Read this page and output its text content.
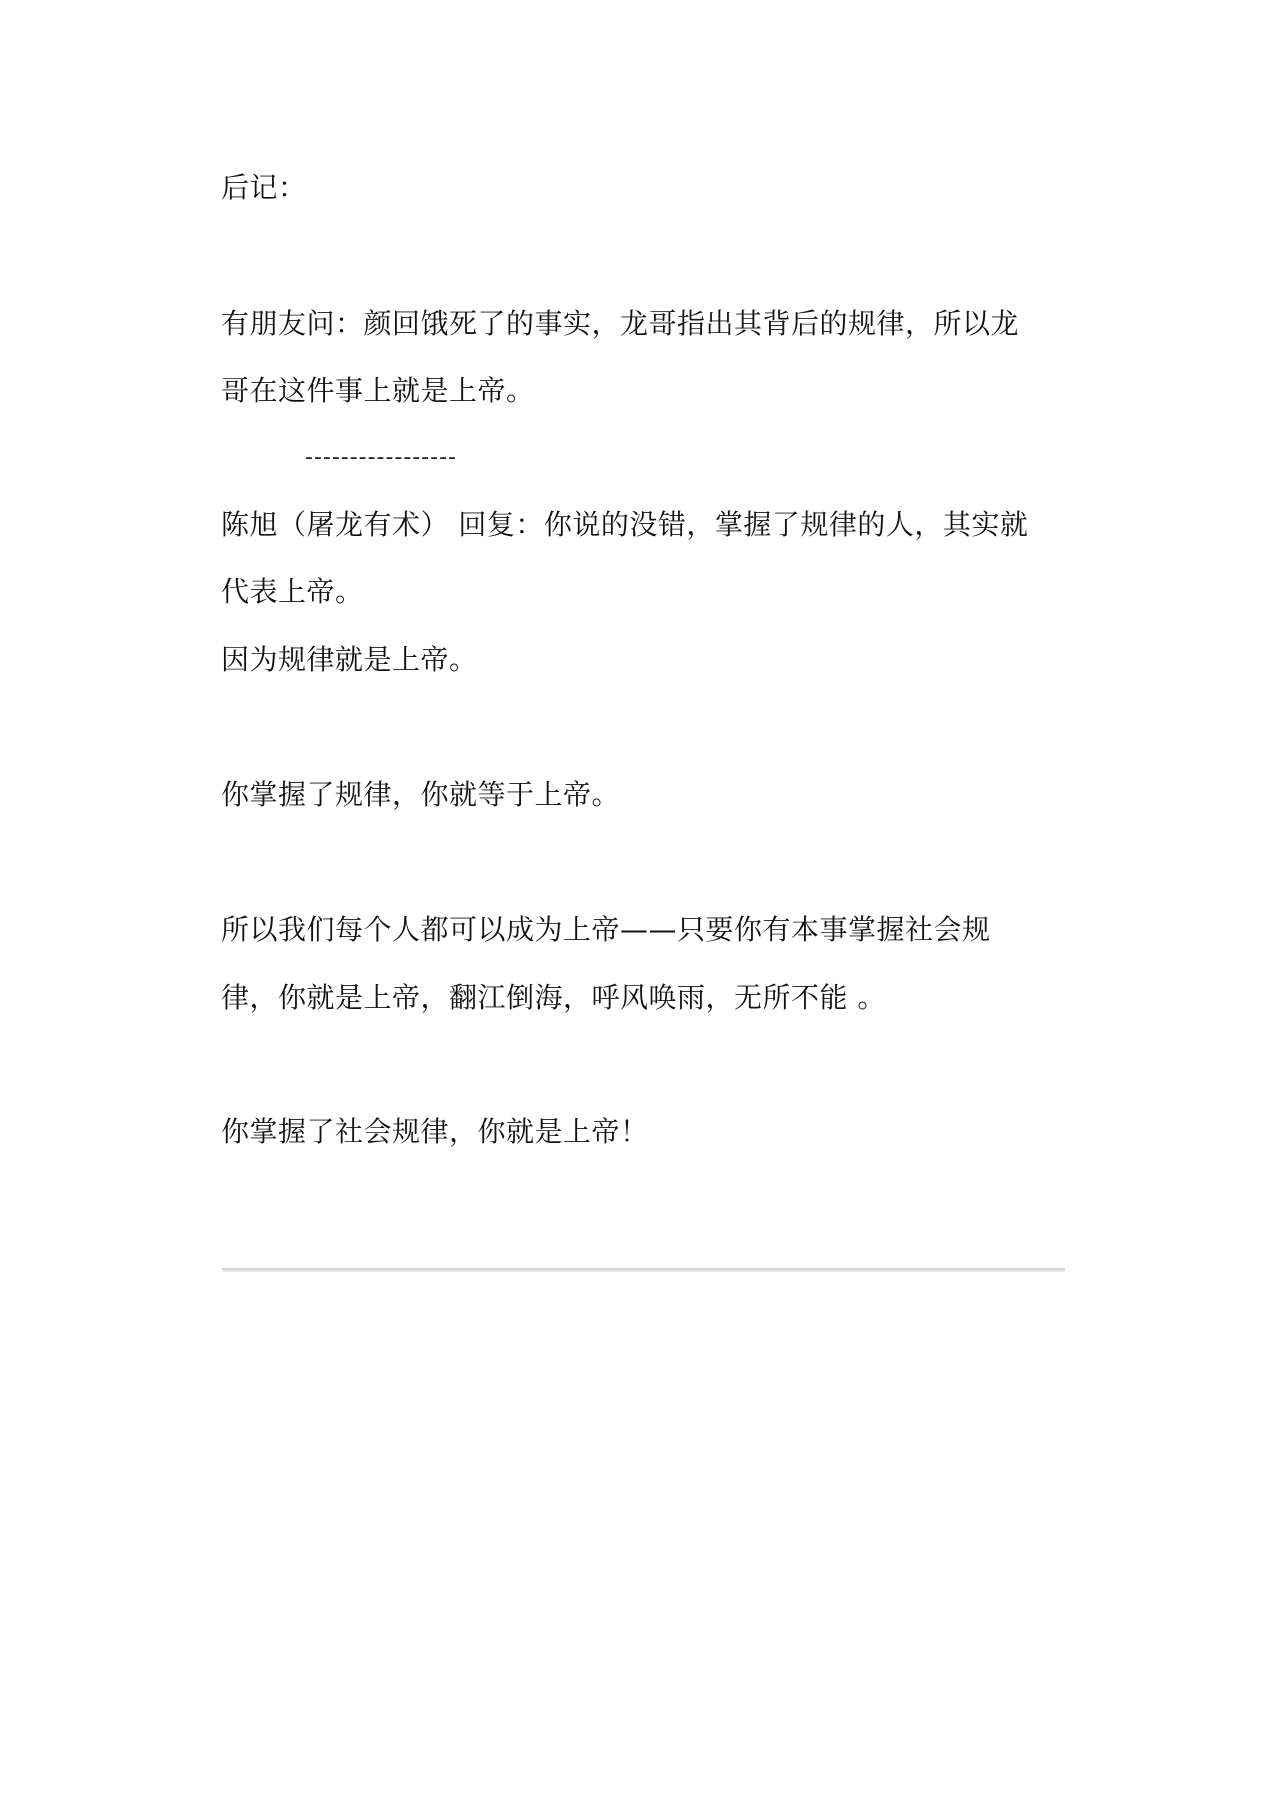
后记：
有朋友问：颜回饿死了的事实，龙哥指出其背后的规律，所以龙
哥在这件事上就是上帝。
-----------------
陈旭（屠龙有术） 回复：你说的没错，掌握了规律的人，其实就
代表上帝。
因为规律就是上帝。
你掌握了规律，你就等于上帝。
所以我们每个人都可以成为上帝——只要你有本事掌握社会规
律，你就是上帝，翻江倒海，呼风唤雨，无所不能 。
你掌握了社会规律，你就是上帝！
